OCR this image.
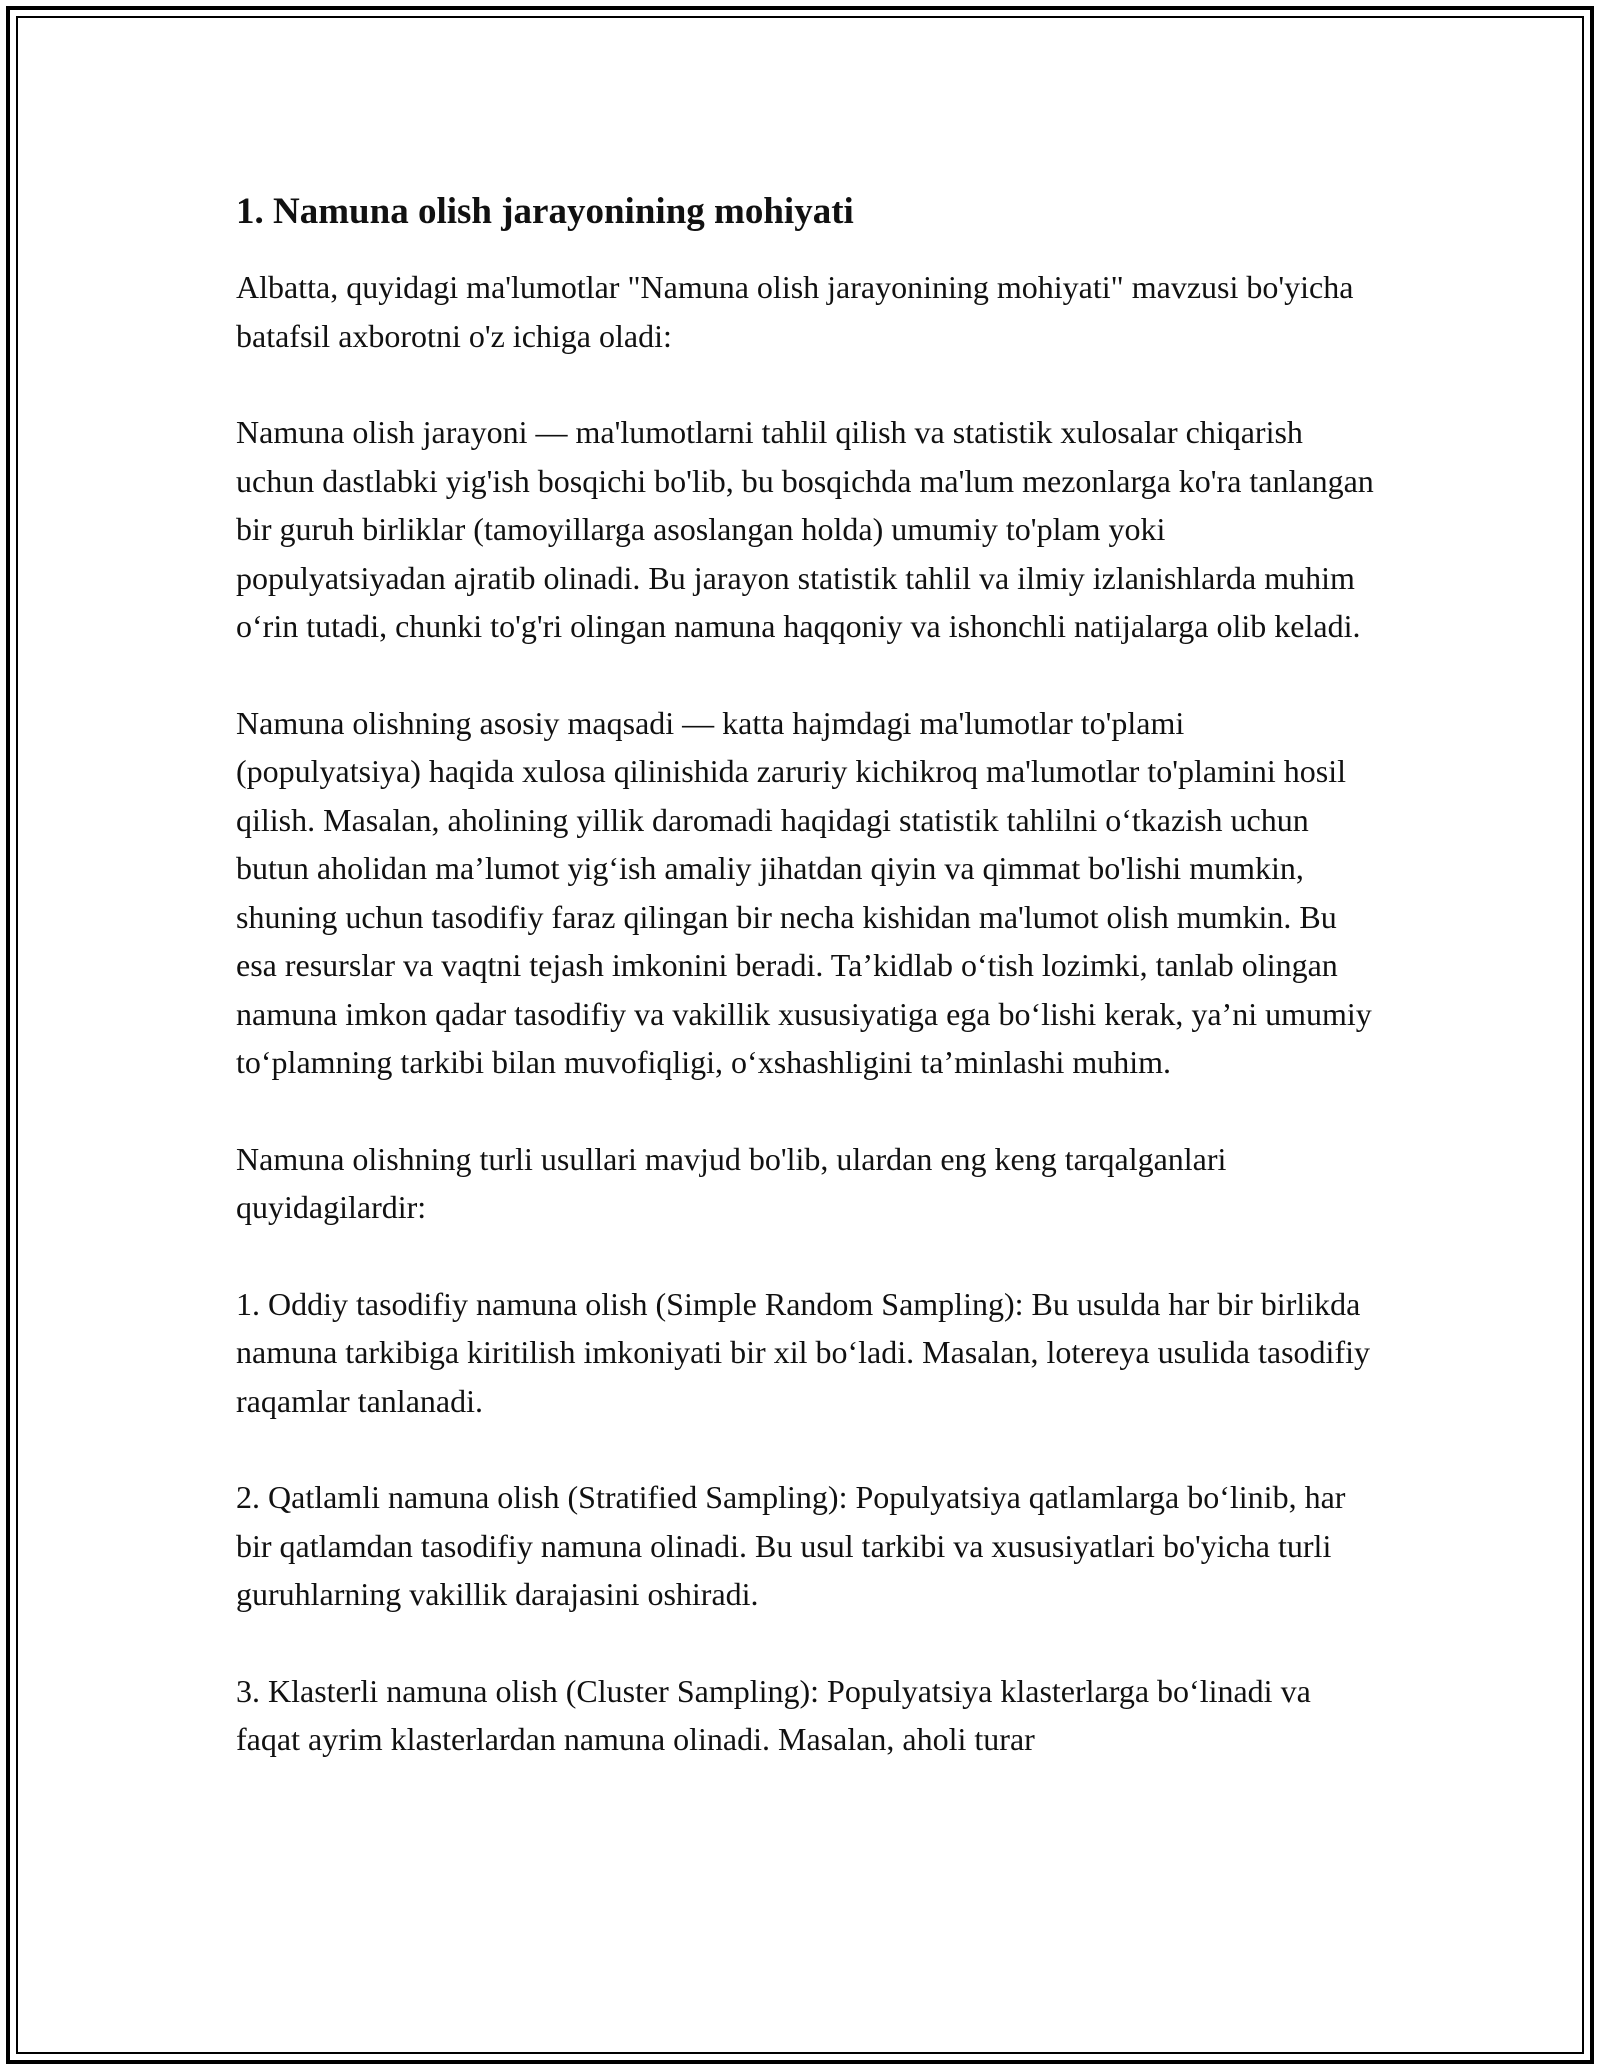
1. Namuna olish jarayonining mohiyati

Albatta, quyidagi ma'lumotlar "Namuna olish jarayonining mohiyati" mavzusi bo'yicha batafsil axborotni o'z ichiga oladi:

Namuna olish jarayoni — ma'lumotlarni tahlil qilish va statistik xulosalar chiqarish uchun dastlabki yig'ish bosqichi bo'lib, bu bosqichda ma'lum mezonlarga ko'ra tanlangan bir guruh birliklar (tamoyillarga asoslangan holda) umumiy to'plam yoki populyatsiyadan ajratib olinadi. Bu jarayon statistik tahlil va ilmiy izlanishlarda muhim o‘rin tutadi, chunki to'g'ri olingan namuna haqqoniy va ishonchli natijalarga olib keladi.

Namuna olishning asosiy maqsadi — katta hajmdagi ma'lumotlar to'plami (populyatsiya) haqida xulosa qilinishida zaruriy kichikroq ma'lumotlar to'plamini hosil qilish. Masalan, aholining yillik daromadi haqidagi statistik tahlilni o‘tkazish uchun butun aholidan ma’lumot yig‘ish amaliy jihatdan qiyin va qimmat bo'lishi mumkin, shuning uchun tasodifiy faraz qilingan bir necha kishidan ma'lumot olish mumkin. Bu esa resurslar va vaqtni tejash imkonini beradi. Ta’kidlab o‘tish lozimki, tanlab olingan namuna imkon qadar tasodifiy va vakillik xususiyatiga ega bo‘lishi kerak, ya’ni umumiy to‘plamning tarkibi bilan muvofiqligi, o‘xshashligini ta’minlashi muhim.

Namuna olishning turli usullari mavjud bo'lib, ulardan eng keng tarqalganlari quyidagilardir:

1. Oddiy tasodifiy namuna olish (Simple Random Sampling): Bu usulda har bir birlikda namuna tarkibiga kiritilish imkoniyati bir xil bo‘ladi. Masalan, lotereya usulida tasodifiy raqamlar tanlanadi.

2. Qatlamli namuna olish (Stratified Sampling): Populyatsiya qatlamlarga bo‘linib, har bir qatlamdan tasodifiy namuna olinadi. Bu usul tarkibi va xususiyatlari bo'yicha turli guruhlarning vakillik darajasini oshiradi.

3. Klasterli namuna olish (Cluster Sampling): Populyatsiya klasterlarga bo‘linadi va faqat ayrim klasterlardan namuna olinadi. Masalan, aholi turar
